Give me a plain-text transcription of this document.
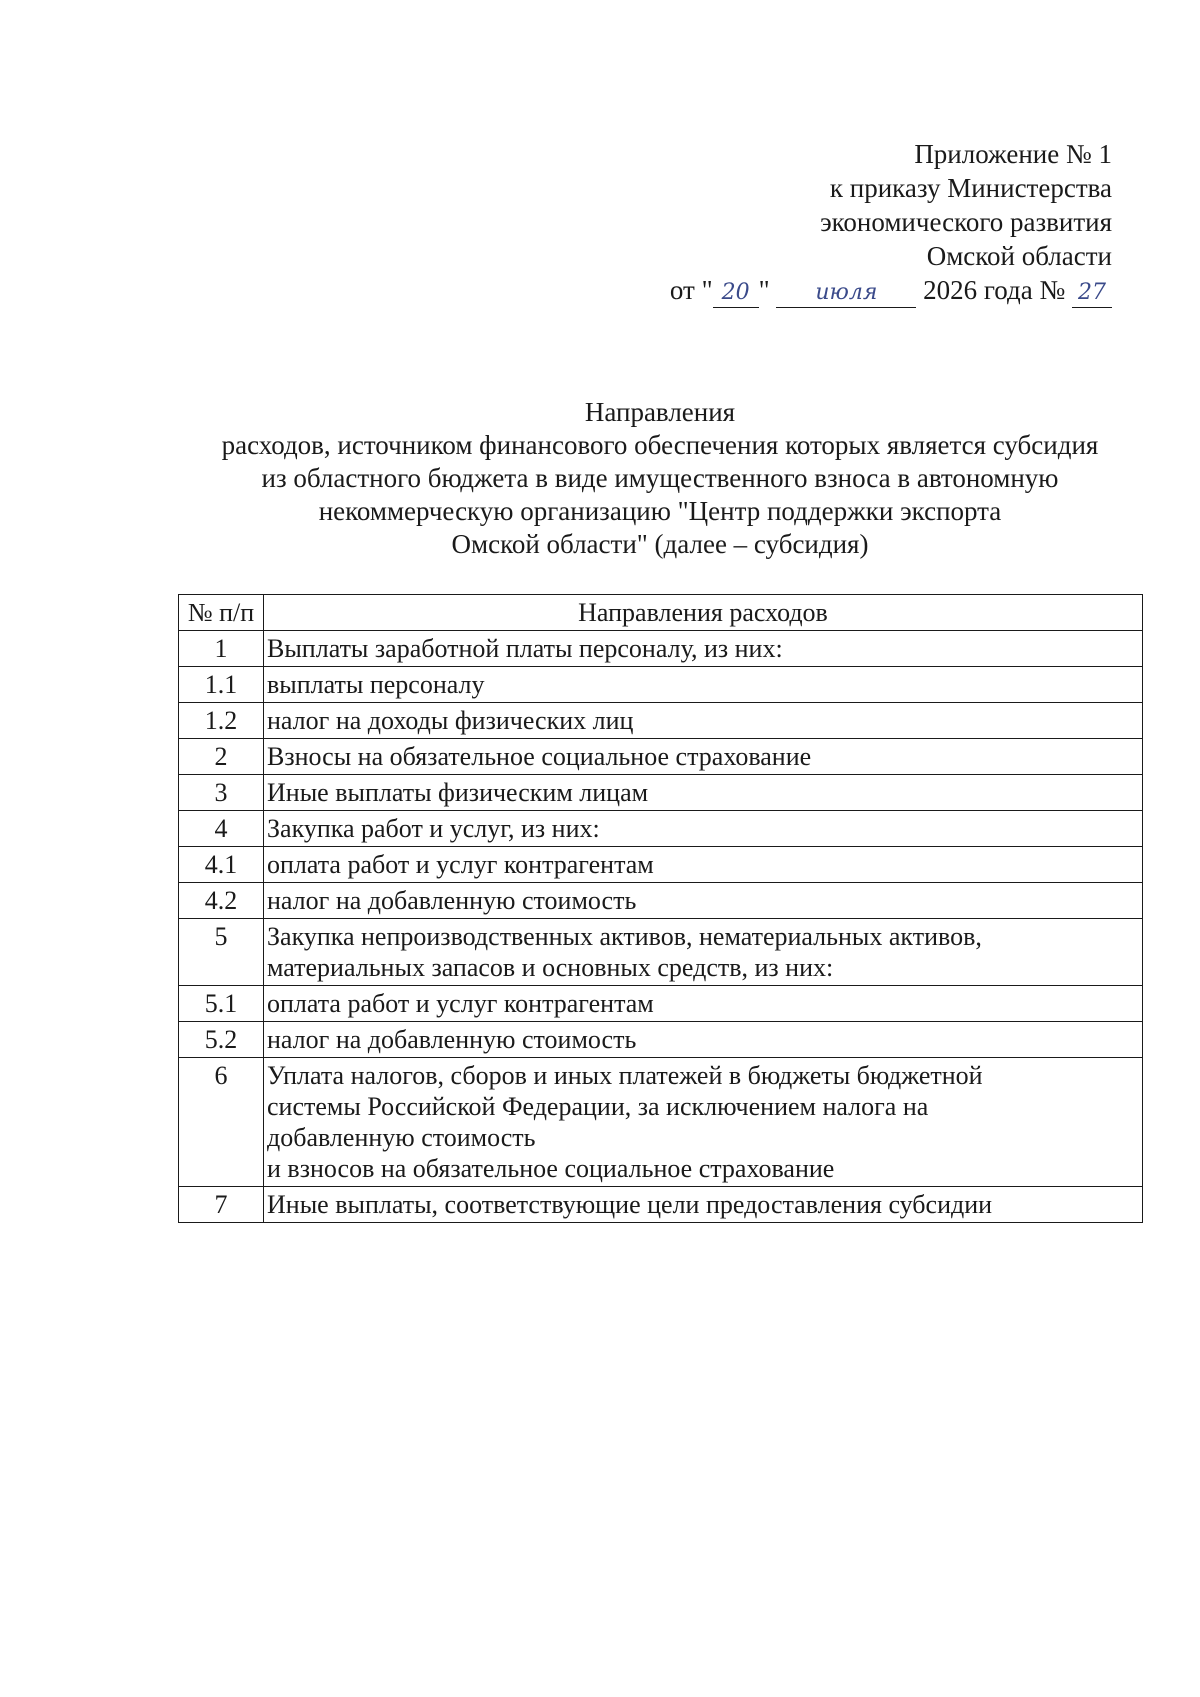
Приложение № 1
к приказу Министерства
экономического развития
Омской области
от " 20 " июля 2026 года № 27
Направления
расходов, источником финансового обеспечения которых является субсидия
из областного бюджета в виде имущественного взноса в автономную
некоммерческую организацию "Центр поддержки экспорта
Омской области" (далее – субсидия)
№ п/п	Направления расходов
1	Выплаты заработной платы персоналу, из них:

1.1	выплаты персоналу

1.2	налог на доходы физических лиц

2	Взносы на обязательное социальное страхование

3	Иные выплаты физическим лицам

4	Закупка работ и услуг, из них:

4.1	оплата работ и услуг контрагентам

4.2	налог на добавленную стоимость

5	Закупка непроизводственных активов, нематериальных активов,
материальных запасов и основных средств, из них:

5.1	оплата работ и услуг контрагентам

5.2	налог на добавленную стоимость

6	Уплата налогов, сборов и иных платежей в бюджеты бюджетной
системы Российской Федерации, за исключением налога на
добавленную стоимость
и взносов на обязательное социальное страхование

7	Иные выплаты, соответствующие цели предоставления субсидии
